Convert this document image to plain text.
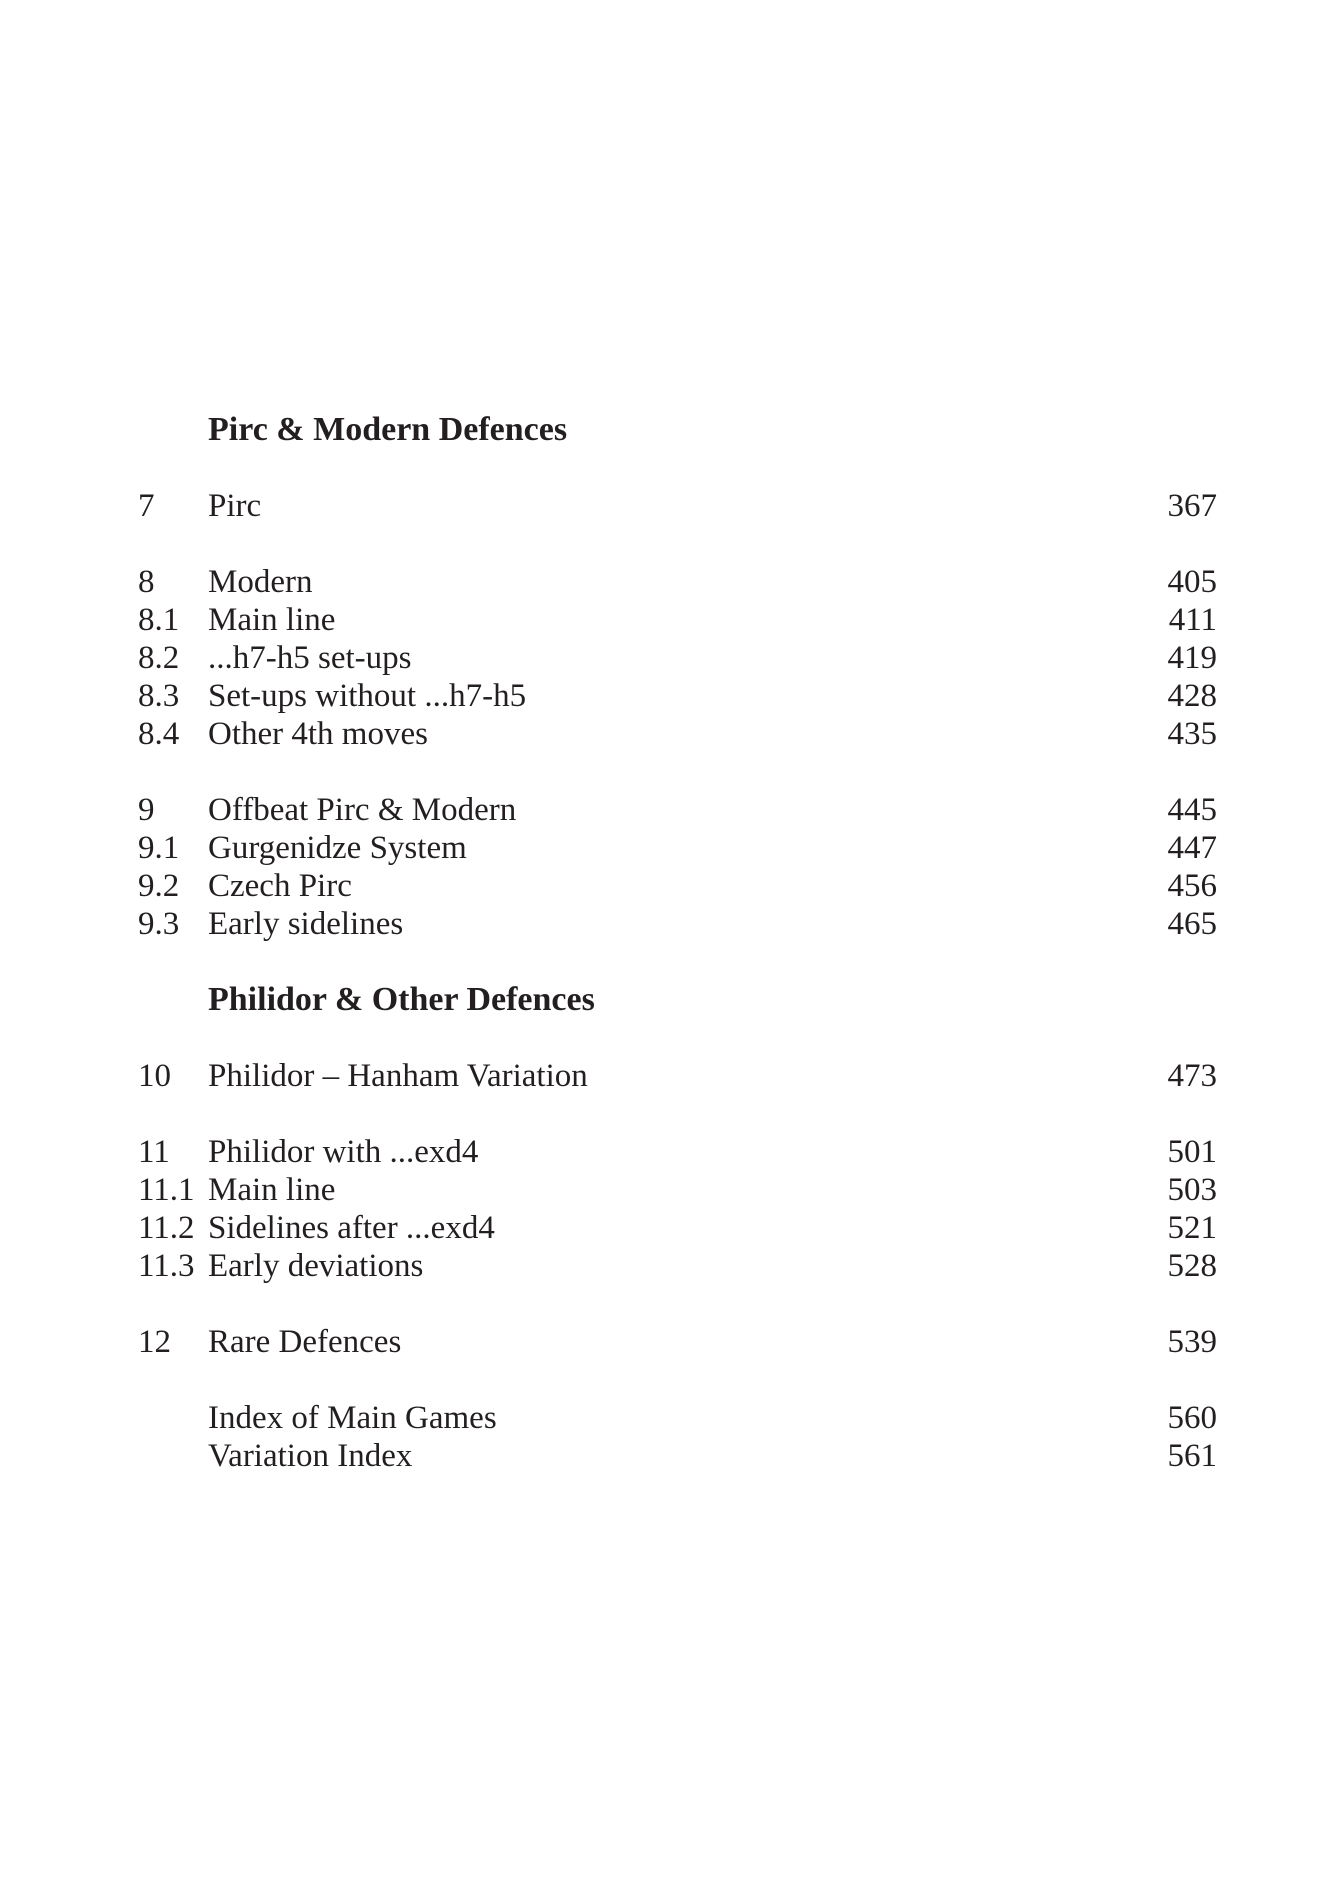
Pirc & Modern Defences
7 Pirc	367
8 Modern	405
8.1 Main line	411
8.2 ...h7-h5 set-ups	419
8.3 Set-ups without ...h7-h5	428
8.4 Other 4th moves	435
9 Offbeat Pirc & Modern	445
9.1 Gurgenidze System	447
9.2 Czech Pirc	456
9.3 Early sidelines	465
Philidor & Other Defences
10 Philidor – Hanham Variation	473
11 Philidor with ...exd4	501
11.1 Main line	503
11.2 Sidelines after ...exd4	521
11.3 Early deviations	528
12 Rare Defences	539
Index of Main Games	560
Variation Index	561
